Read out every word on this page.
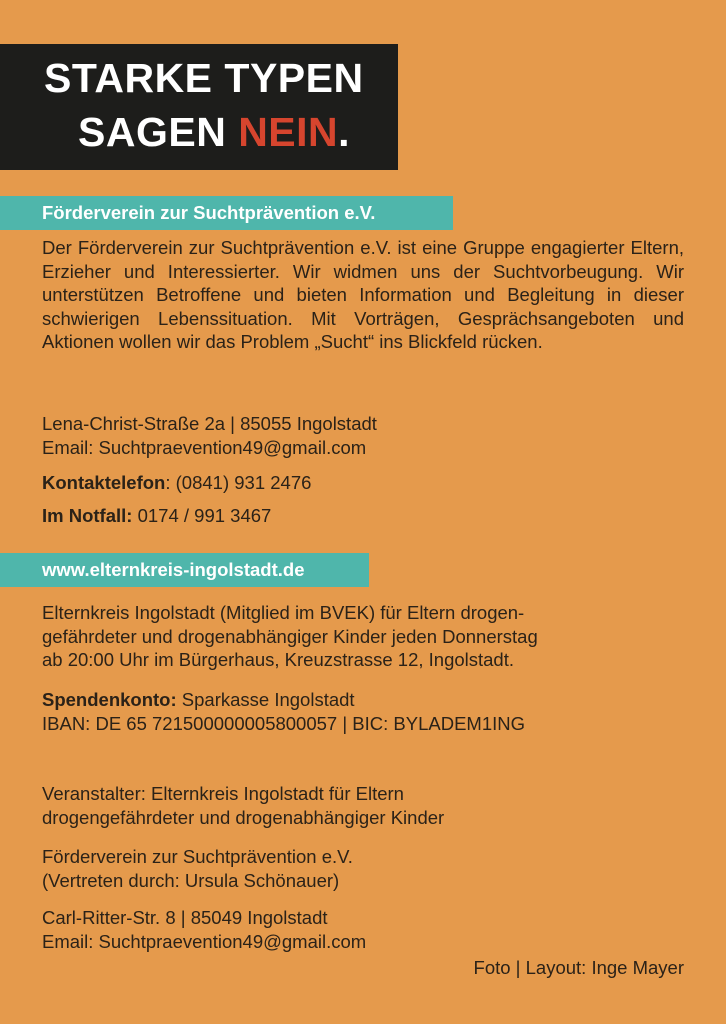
STARKE TYPEN
SAGEN NEIN.
Förderverein zur Suchtprävention e.V.

Der Förderverein zur Suchtprävention e.V. ist eine Gruppe engagierter Eltern, Erzieher und Interessierter. Wir widmen uns der Suchtvorbeugung. Wir unterstützen Betroffene und bieten Information und Begleitung in dieser schwierigen Lebenssituation. Mit Vorträgen, Gesprächsangeboten und Aktionen wollen wir das Problem „Sucht“ ins Blickfeld rücken.

Lena-Christ-Straße 2a | 85055 Ingolstadt
Email: Suchtpraevention49@gmail.com
Kontaktelefon: (0841) 931 2476
Im Notfall: 0174 / 991 3467
www.elternkreis-ingolstadt.de
Elternkreis Ingolstadt (Mitglied im BVEK) für Eltern drogen-
gefährdeter und drogenabhängiger Kinder jeden Donnerstag
ab 20:00 Uhr im Bürgerhaus, Kreuzstrasse 12, Ingolstadt.
Spendenkonto: Sparkasse Ingolstadt
IBAN: DE 65 721500000005800057 | BIC: BYLADEM1ING
Veranstalter: Elternkreis Ingolstadt für Eltern
drogengefährdeter und drogenabhängiger Kinder
Förderverein zur Suchtprävention e.V.
(Vertreten durch: Ursula Schönauer)
Carl-Ritter-Str. 8 | 85049 Ingolstadt
Email: Suchtpraevention49@gmail.com
Foto | Layout: Inge Mayer
